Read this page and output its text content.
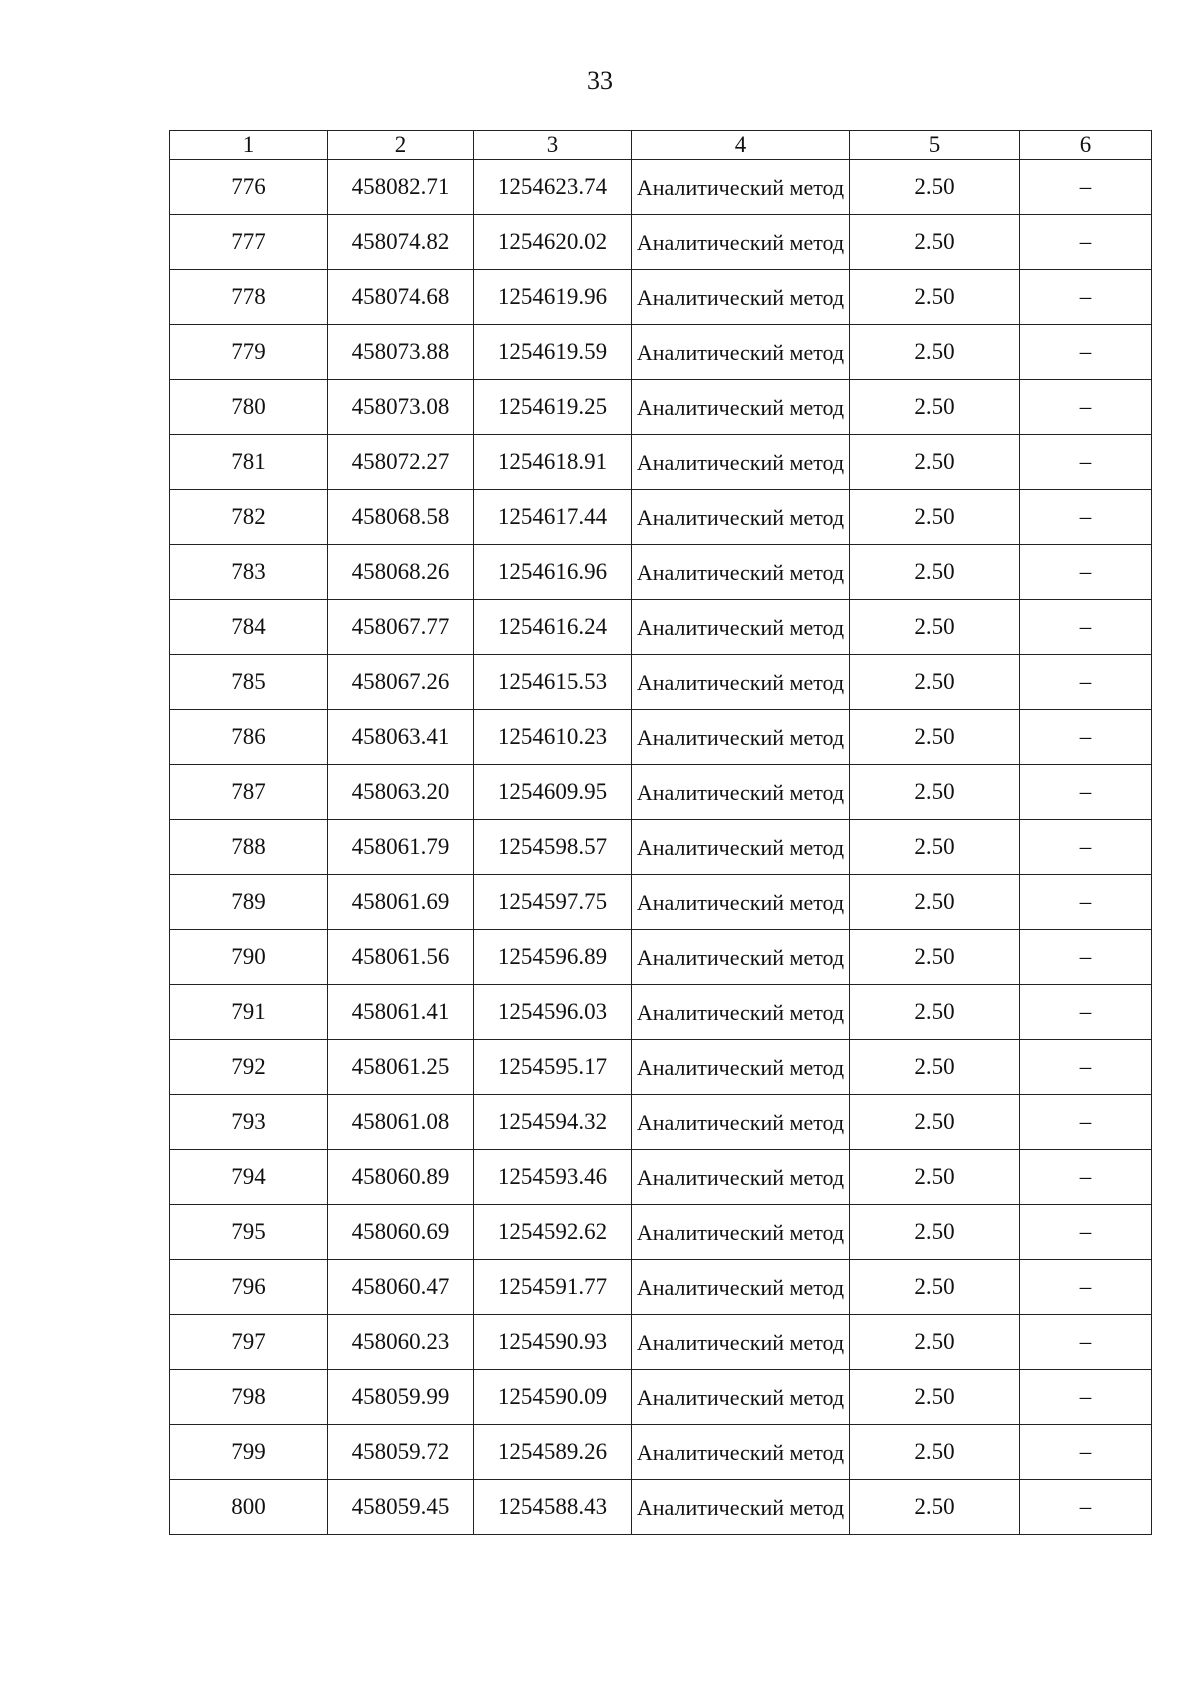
33
1	2	3	4	5	6
776	458082.71	1254623.74	Аналитический метод	2.50	–
777	458074.82	1254620.02	Аналитический метод	2.50	–
778	458074.68	1254619.96	Аналитический метод	2.50	–
779	458073.88	1254619.59	Аналитический метод	2.50	–
780	458073.08	1254619.25	Аналитический метод	2.50	–
781	458072.27	1254618.91	Аналитический метод	2.50	–
782	458068.58	1254617.44	Аналитический метод	2.50	–
783	458068.26	1254616.96	Аналитический метод	2.50	–
784	458067.77	1254616.24	Аналитический метод	2.50	–
785	458067.26	1254615.53	Аналитический метод	2.50	–
786	458063.41	1254610.23	Аналитический метод	2.50	–
787	458063.20	1254609.95	Аналитический метод	2.50	–
788	458061.79	1254598.57	Аналитический метод	2.50	–
789	458061.69	1254597.75	Аналитический метод	2.50	–
790	458061.56	1254596.89	Аналитический метод	2.50	–
791	458061.41	1254596.03	Аналитический метод	2.50	–
792	458061.25	1254595.17	Аналитический метод	2.50	–
793	458061.08	1254594.32	Аналитический метод	2.50	–
794	458060.89	1254593.46	Аналитический метод	2.50	–
795	458060.69	1254592.62	Аналитический метод	2.50	–
796	458060.47	1254591.77	Аналитический метод	2.50	–
797	458060.23	1254590.93	Аналитический метод	2.50	–
798	458059.99	1254590.09	Аналитический метод	2.50	–
799	458059.72	1254589.26	Аналитический метод	2.50	–
800	458059.45	1254588.43	Аналитический метод	2.50	–
